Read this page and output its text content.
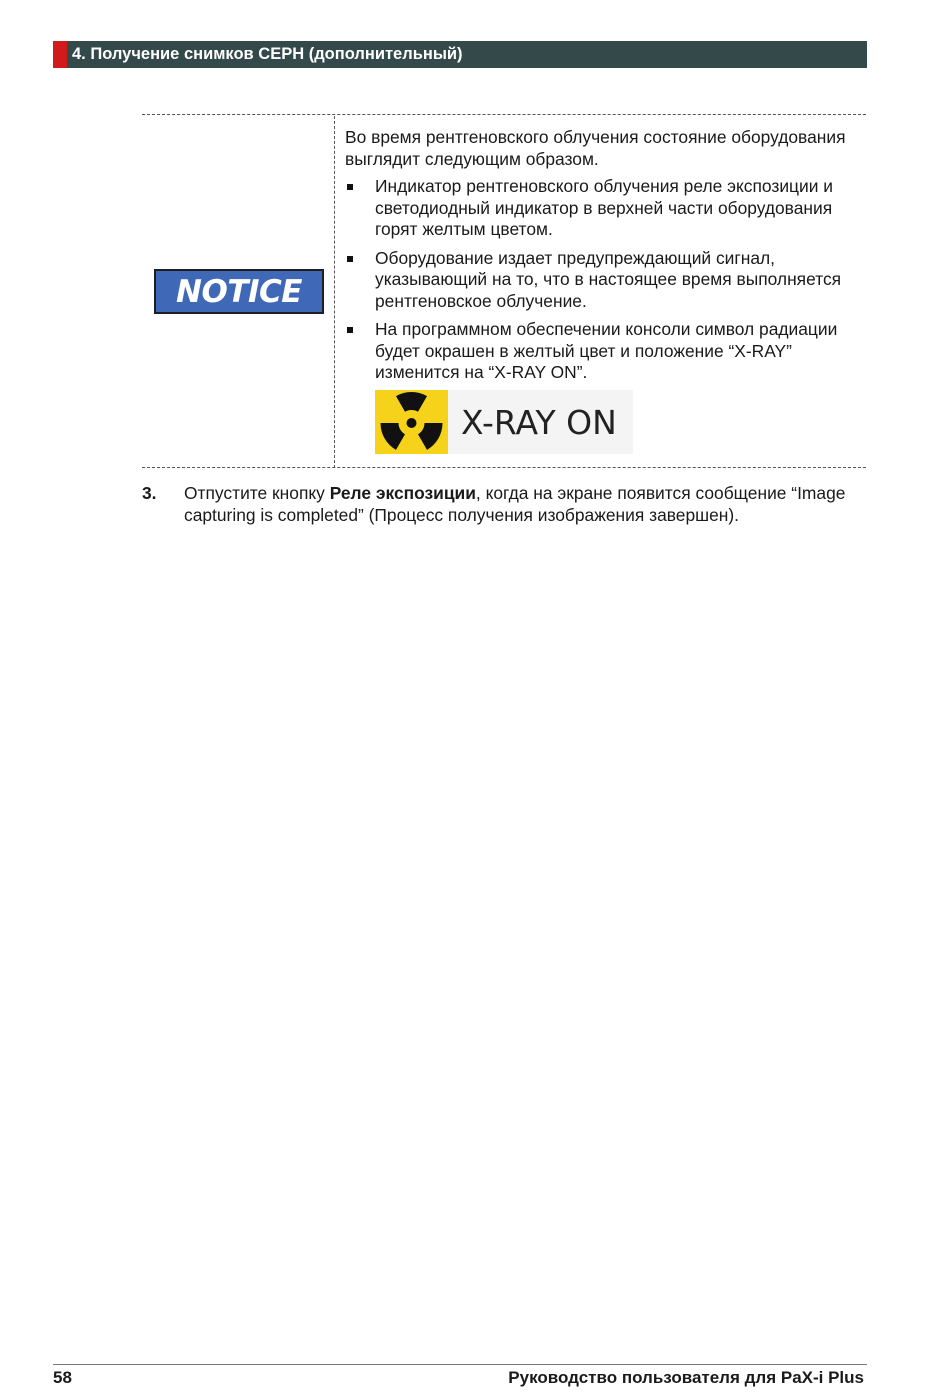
4. Получение снимков CEPH (дополнительный)
NOTICE

Во время рентгеновского облучения состояние оборудования выглядит следующим образом.

Индикатор рентгеновского облучения реле экспозиции и светодиодный индикатор в верхней части оборудования горят желтым цветом.
Оборудование издает предупреждающий сигнал, указывающий на то, что в настоящее время выполняется рентгеновское облучение.
На программном обеспечении консоли символ радиации будет окрашен в желтый цвет и положение “X-RAY” изменится на “X-RAY ON”.
X-RAY ON
3. Отпустите кнопку Реле экспозиции, когда на экране появится сообщение “Image capturing is completed” (Процесс получения изображения завершен).
58	Руководство пользователя для PaX-i Plus
